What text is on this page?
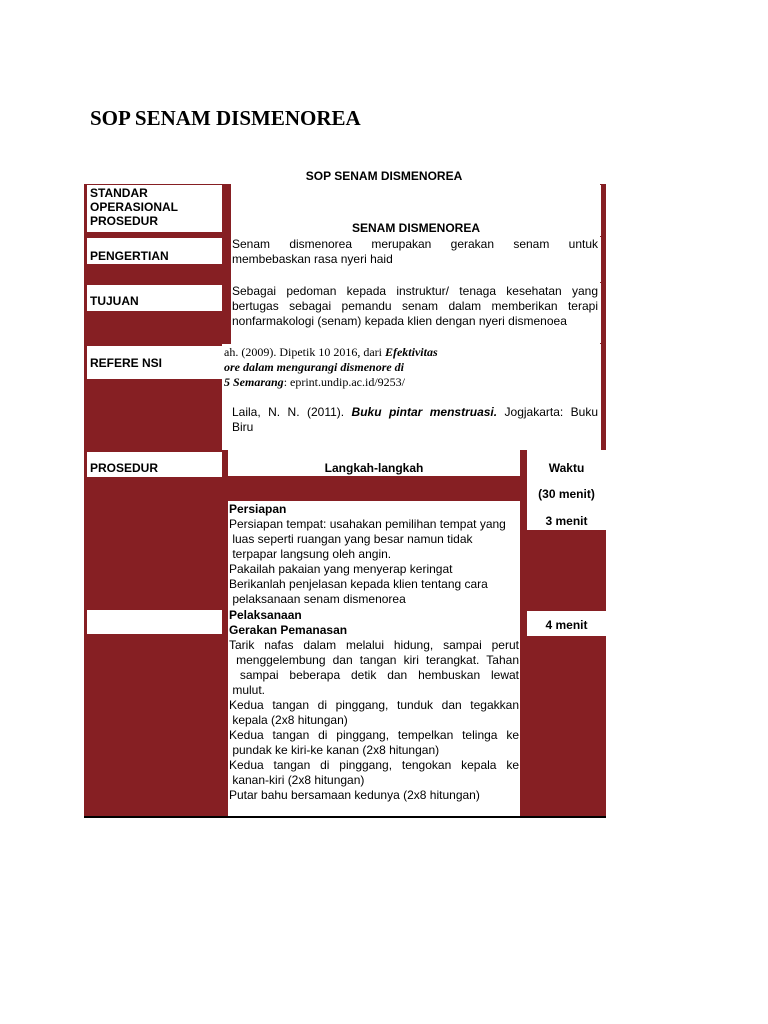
SOP SENAM DISMENOREA
SOP SENAM DISMENOREA
STANDAR
OPERASIONAL
PROSEDUR
PENGERTIAN
TUJUAN
REFERE NSI
PROSEDUR
SENAM DISMENOREA
Senam dismenorea merupakan gerakan senam untuk
membebaskan rasa nyeri haid
Sebagai pedoman kepada instruktur/ tenaga kesehatan yang
bertugas sebagai pemandu senam dalam memberikan terapi
nonfarmakologi (senam) kepada klien dengan nyeri dismenoea
ah. (2009). Dipetik 10 2016, dari Efektivitas
ore dalam mengurangi dismenore di
5 Semarang: eprint.undip.ac.id/9253/
Laila, N. N. (2011). Buku pintar menstruasi. Jogjakarta: Buku
Biru
Langkah-langkah	Waktu
(30 menit)
Persiapan
Persiapan tempat: usahakan pemilihan tempat yang
luas seperti ruangan yang besar namun tidak
terpapar langsung oleh angin.
Pakailah pakaian yang menyerap keringat
Berikanlah penjelasan kepada klien tentang cara
pelaksanaan senam dismenorea
3 menit
Pelaksanaan
Gerakan Pemanasan
Tarik nafas dalam melalui hidung, sampai perut
menggelembung dan tangan kiri terangkat. Tahan
sampai beberapa detik dan hembuskan lewat
mulut.
Kedua tangan di pinggang, tunduk dan tegakkan
kepala (2x8 hitungan)
Kedua tangan di pinggang, tempelkan telinga ke
pundak ke kiri-ke kanan (2x8 hitungan)
Kedua tangan di pinggang, tengokan kepala ke
kanan-kiri (2x8 hitungan)
Putar bahu bersamaan kedunya (2x8 hitungan)
4 menit
